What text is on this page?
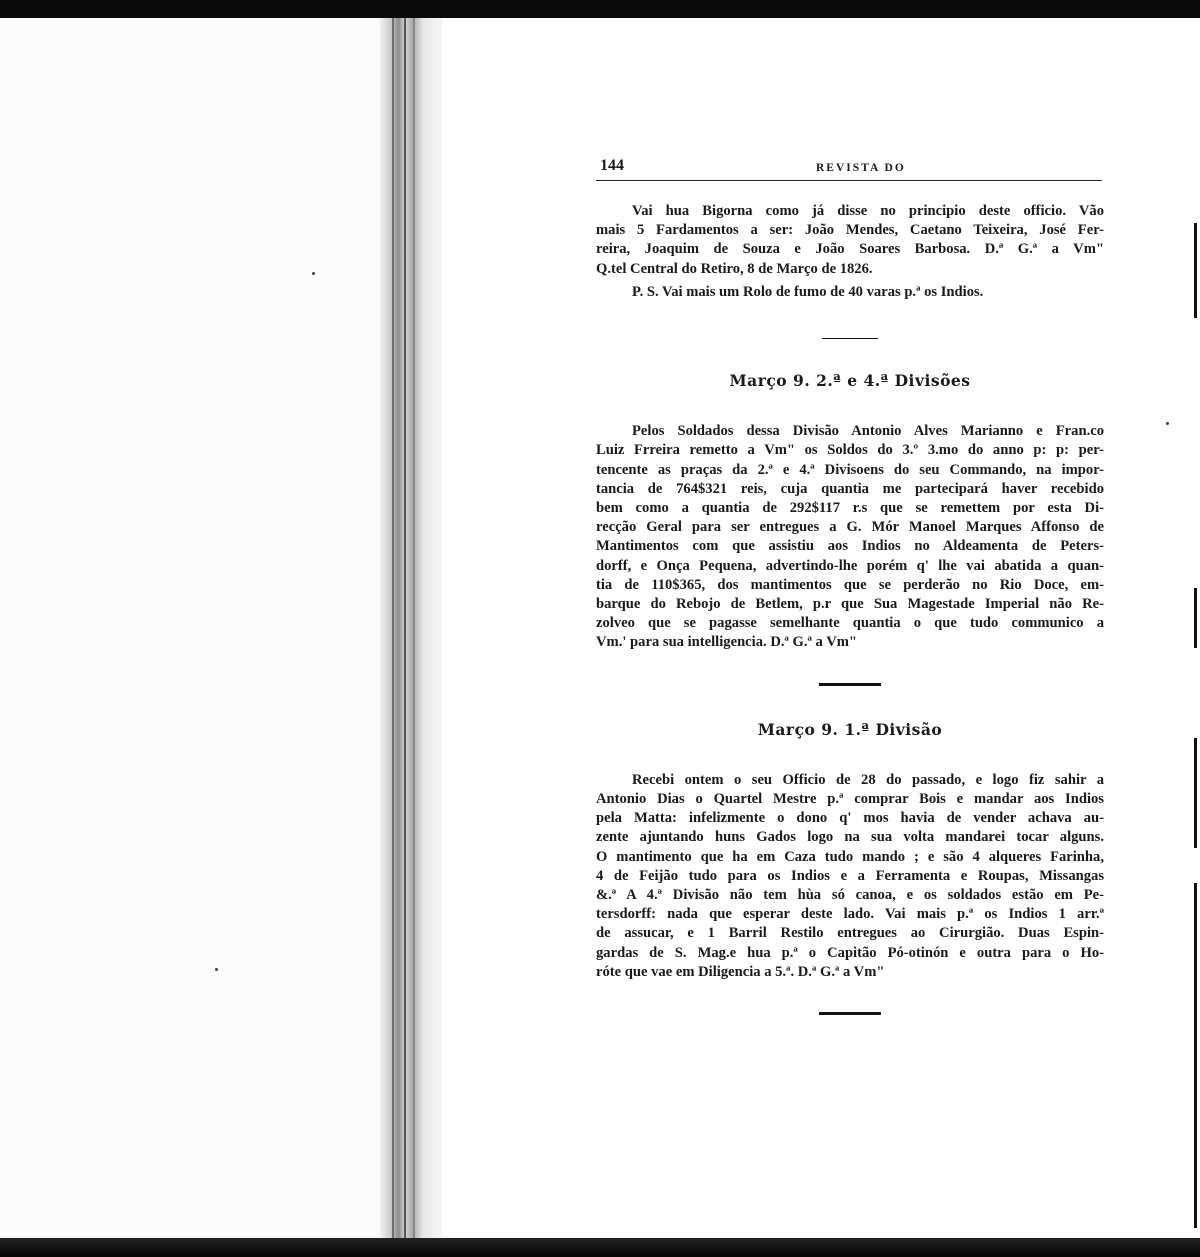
144	REVISTA DO

Vai hua Bigorna como já disse no principio deste officio. Vão
mais 5 Fardamentos a ser: João Mendes, Caetano Teixeira, José Fer-
reira, Joaquim de Souza e João Soares Barbosa. D.ª G.ª a Vm"
Q.tel Central do Retiro, 8 de Março de 1826.

P. S. Vai mais um Rolo de fumo de 40 varas p.ª os Indios.

Março 9. 2.ª e 4.ª Divisões

Pelos Soldados dessa Divisão Antonio Alves Marianno e Fran.co
Luiz Frreira remetto a Vm" os Soldos do 3.º 3.mo do anno p: p: per-
tencente as praças da 2.ª e 4.ª Divisoens do seu Commando, na impor-
tancia de 764$321 reis, cuja quantia me partecipará haver recebido
bem como a quantia de 292$117 r.s que se remettem por esta Di-
recção Geral para ser entregues a G. Mór Manoel Marques Affonso de
Mantimentos com que assistiu aos Indios no Aldeamenta de Peters-
dorff, e Onça Pequena, advertindo-lhe porém q' lhe vai abatida a quan-
tia de 110$365, dos mantimentos que se perderão no Rio Doce, em-
barque do Rebojo de Betlem, p.r que Sua Magestade Imperial não Re-
zolveo que se pagasse semelhante quantia o que tudo communico a
Vm.' para sua intelligencia. D.ª G.ª a Vm"

Março 9. 1.ª Divisão

Recebi ontem o seu Officio de 28 do passado, e logo fiz sahir a
Antonio Dias o Quartel Mestre p.ª comprar Bois e mandar aos Indios
pela Matta: infelizmente o dono q' mos havia de vender achava au-
zente ajuntando huns Gados logo na sua volta mandarei tocar alguns.
O mantimento que ha em Caza tudo mando ; e são 4 alqueres Farinha,
4 de Feijão tudo para os Indios e a Ferramenta e Roupas, Missangas
&.ª A 4.ª Divisão não tem hùa só canoa, e os soldados estão em Pe-
tersdorff: nada que esperar deste lado. Vai mais p.ª os Indios 1 arr.ª
de assucar, e 1 Barril Restilo entregues ao Cirurgião. Duas Espin-
gardas de S. Mag.e hua p.ª o Capitão Pó-otinón e outra para o Ho-
róte que vae em Diligencia a 5.ª. D.ª G.ª a Vm"
